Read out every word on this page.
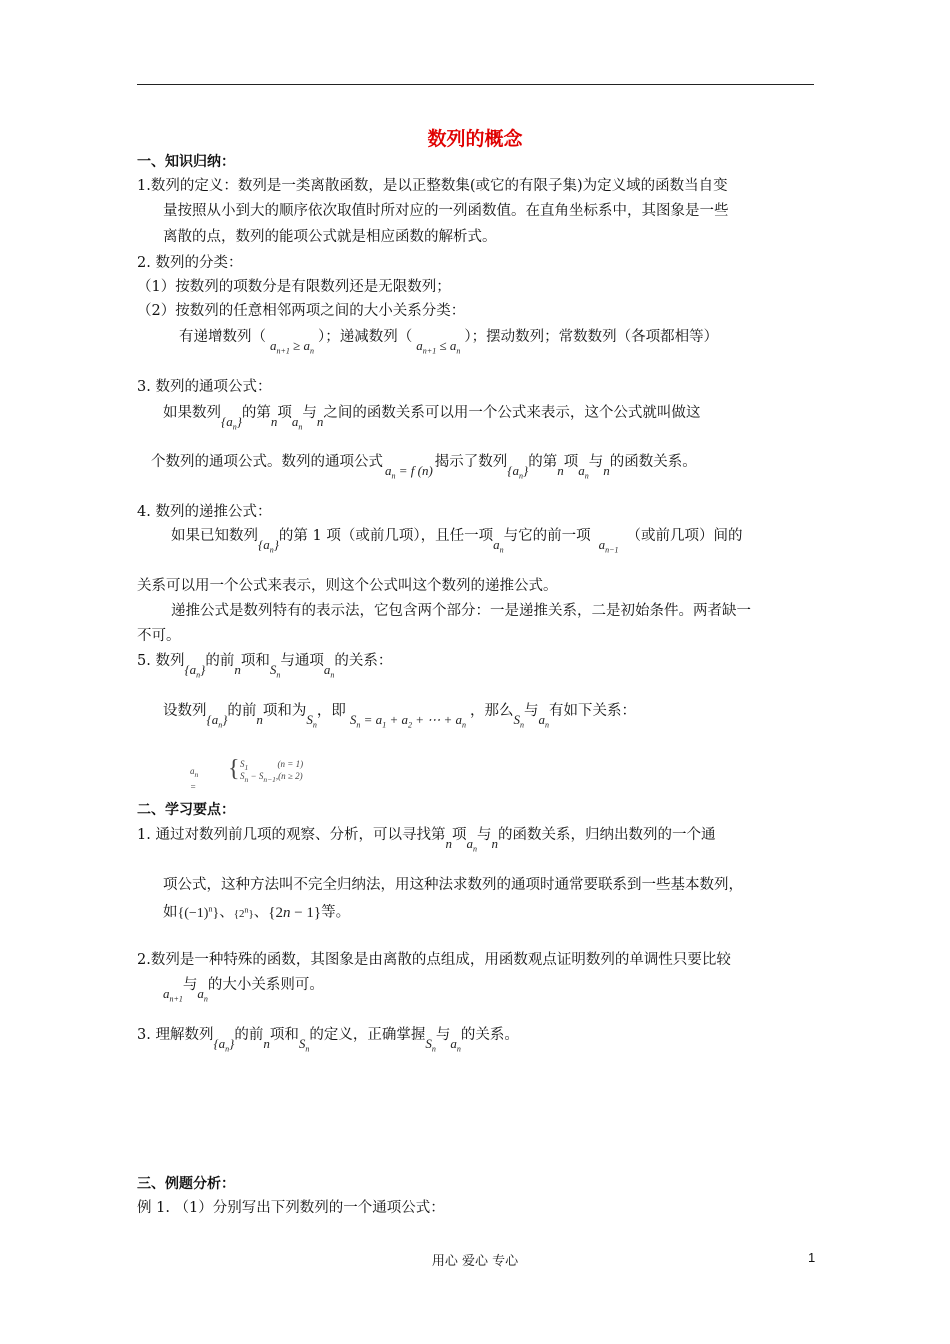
数列的概念
一、知识归纳：
1.数列的定义：数列是一类离散函数，是以正整数集(或它的有限子集)为定义域的函数当自变
量按照从小到大的顺序依次取值时所对应的一列函数值。在直角坐标系中，其图象是一些
离散的点，数列的能项公式就是相应函数的解析式。
2. 数列的分类：
（1）按数列的项数分是有限数列还是无限数列；
（2）按数列的任意相邻两项之间的大小关系分类：
有递增数列$(a_{n+1} \ge a_n)$；递减数列$(a_{n+1} \le a_n)$；摆动数列；常数数列（各项都相等）
3. 数列的通项公式：
如果数列$\{a_n\}$的第n项$a_n$与n之间的函数关系可以用一个公式来表示，这个公式就叫做这
个数列的通项公式。数列的通项公式$a_n = f$ (n)揭示了数列$\{a_n\}$的第n项$a_n$与n的函数关系。
4. 数列的递推公式：
如果已知数列$\{a_n\}$的第 1 项（或前几项），且任一项$a_n$与它的前一项$a_{n-1}$（或前几项）间的
关系可以用一个公式来表示，则这个公式叫这个数列的递推公式。
递推公式是数列特有的表示法，它包含两个部分：一是递推关系，二是初始条件。两者缺一
不可。
5. 数列$\{a_n\}$的前n项和$S_n$与通项$a_n$的关系：
设数列$\{a_n\}$的前n项和为$S_n$，即$S_n = a_1 + a_2$ + ⋯ + $a_n$，那么$S_n$与$a_n$有如下关系：
$a_n$ =
{ $S_1$             (n = 1)
$S_n - S_{n-1},(n \ge 2)$
二、学习要点：
1. 通过对数列前几项的观察、分析，可以寻找第n项$a_n$与n的函数关系，归纳出数列的一个通
项公式，这种方法叫不完全归纳法，用这种法求数列的通项时通常要联系到一些基本数列，
如$\{(-1)^n\}$、{2$^n$}、{2n − 1}等。
2.数列是一种特殊的函数，其图象是由离散的点组成，用函数观点证明数列的单调性只要比较
$a_{n+1}$与$a_n$的大小关系则可。
3. 理解数列$\{a_n\}$的前n项和$S_n$的定义，正确掌握$S_n$与$a_n$的关系。
三、例题分析：
例 1. （1）分别写出下列数列的一个通项公式：
用心 爱心 专心	1
